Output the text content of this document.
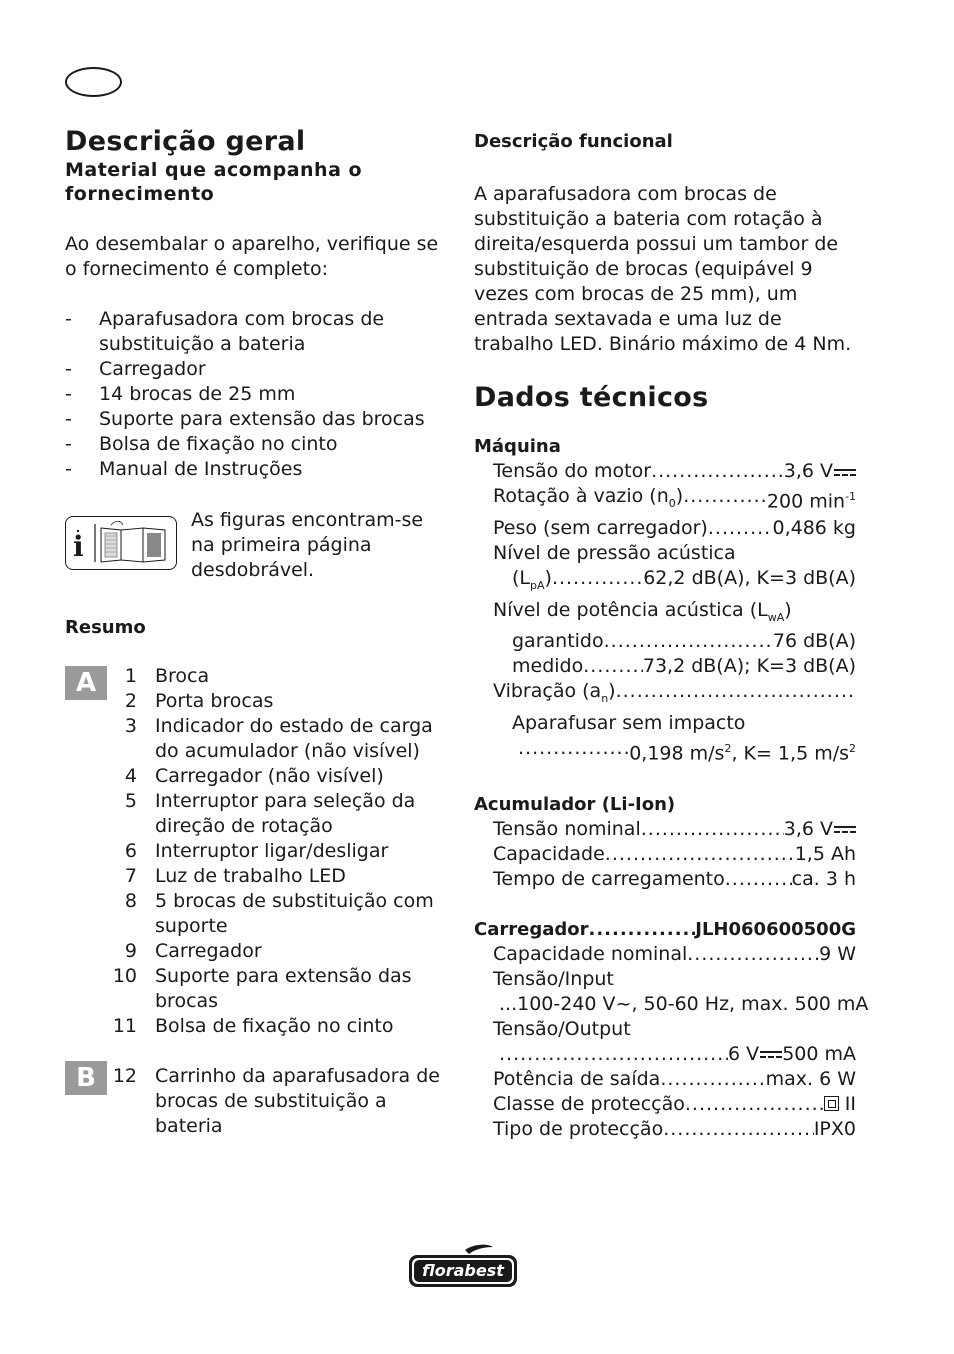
Descrição geral
Material que acompanha o fornecimento

Ao desembalar o aparelho, verifique se o fornecimento é completo:

- Aparafusadora com brocas de substituição a bateria
- Carregador
- 14 brocas de 25 mm
- Suporte para extensão das brocas
- Bolsa de fixação no cinto
- Manual de Instruções
i

As figuras encontram-se na primeira página desdobrável.

Resumo
A	1 Broca
2 Porta brocas
3 Indicador do estado de carga do acumulador (não visível)
4 Carregador (não visível)
5 Interruptor para seleção da direção de rotação
6 Interruptor ligar/desligar
7 Luz de trabalho LED
8 5 brocas de substituição com suporte
9 Carregador
10 Suporte para extensão das brocas
11 Bolsa de fixação no cinto
B 12 Carrinho da aparafusadora de brocas de substituição a bateria
Descrição funcional

A aparafusadora com brocas de substituição a bateria com rotação à direita/esquerda possui um tambor de substituição de brocas (equipável 9 vezes com brocas de 25 mm), um entrada sextavada e uma luz de trabalho LED. Binário máximo de 4 Nm.

Dados técnicos
Máquina
Tensão do motor .....	3,6 V
Rotação à vazio $(n_0)$ .....	200 $\min^{-1}$
Peso (sem carregador) .....	0,486 kg
Nível de pressão acústica
$(L_{pA})$ .....	62,2 dB(A), K=3 dB(A)
Nível de potência acústica $(L_{wA})$
garantido .....	76 dB(A)
medido .....	73,2 dB(A); K=3 dB(A)
Vibração $(a_n)$
.....
Aparafusar sem impacto
.....
0,198 $m/s^2$, K= 1,5 $m/s^2$
Acumulador (Li-Ion)
Tensão nominal .....	3,6 V
Capacidade .....	1,5 Ah
Tempo de carregamento .....	ca. 3 h
Carregador .....	JLH060600500G
Capacidade nominal .....	9 W
Tensão/Input
...100-240 V~, 50-60 Hz, max. 500 mA
Tensão/Output
.....
6 V 500 mA
Potência de saída .....	max. 6 W
Classe de protecção .....	II
Tipo de protecção .....	IPX0
florabest
